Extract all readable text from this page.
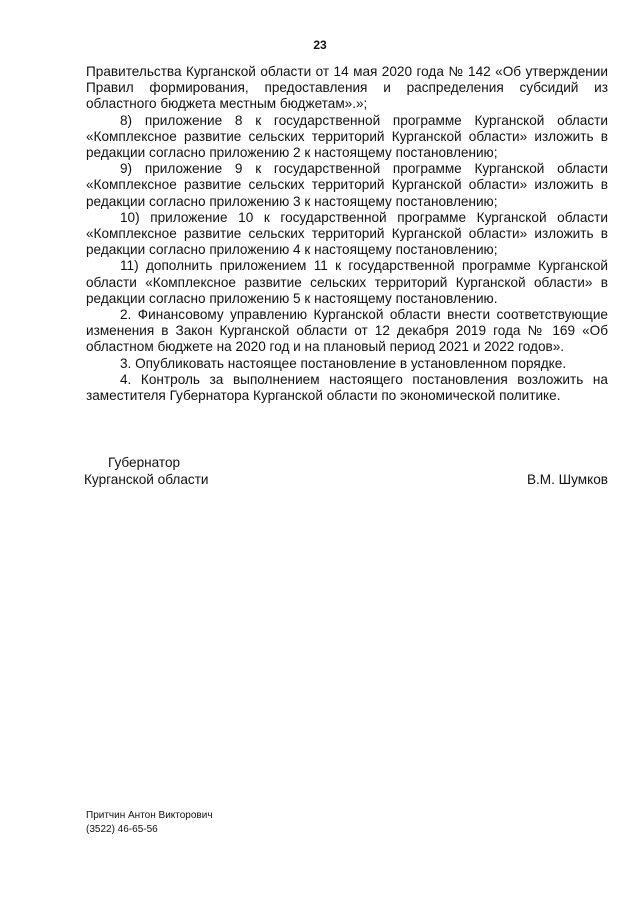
23

Правительства Курганской области от 14 мая 2020 года № 142 «Об утверждении Правил формирования, предоставления и распределения субсидий из областного бюджета местным бюджетам».»;

8) приложение 8 к государственной программе Курганской области «Комплексное развитие сельских территорий Курганской области» изложить в редакции согласно приложению 2 к настоящему постановлению;

9) приложение 9 к государственной программе Курганской области «Комплексное развитие сельских территорий Курганской области» изложить в редакции согласно приложению 3 к настоящему постановлению;

10) приложение 10 к государственной программе Курганской области «Комплексное развитие сельских территорий Курганской области» изложить в редакции согласно приложению 4 к настоящему постановлению;

11) дополнить приложением 11 к государственной программе Курганской области «Комплексное развитие сельских территорий Курганской области» в редакции согласно приложению 5 к настоящему постановлению.

2. Финансовому управлению Курганской области внести соответствующие изменения в Закон Курганской области от 12 декабря 2019 года № 169 «Об областном бюджете на 2020 год и на плановый период 2021 и 2022 годов».

3. Опубликовать настоящее постановление в установленном порядке.

4. Контроль за выполнением настоящего постановления возложить на заместителя Губернатора Курганской области по экономической политике.

Губернатор
Курганской области	В.М. Шумков
Притчин Антон Викторович
(3522) 46-65-56
